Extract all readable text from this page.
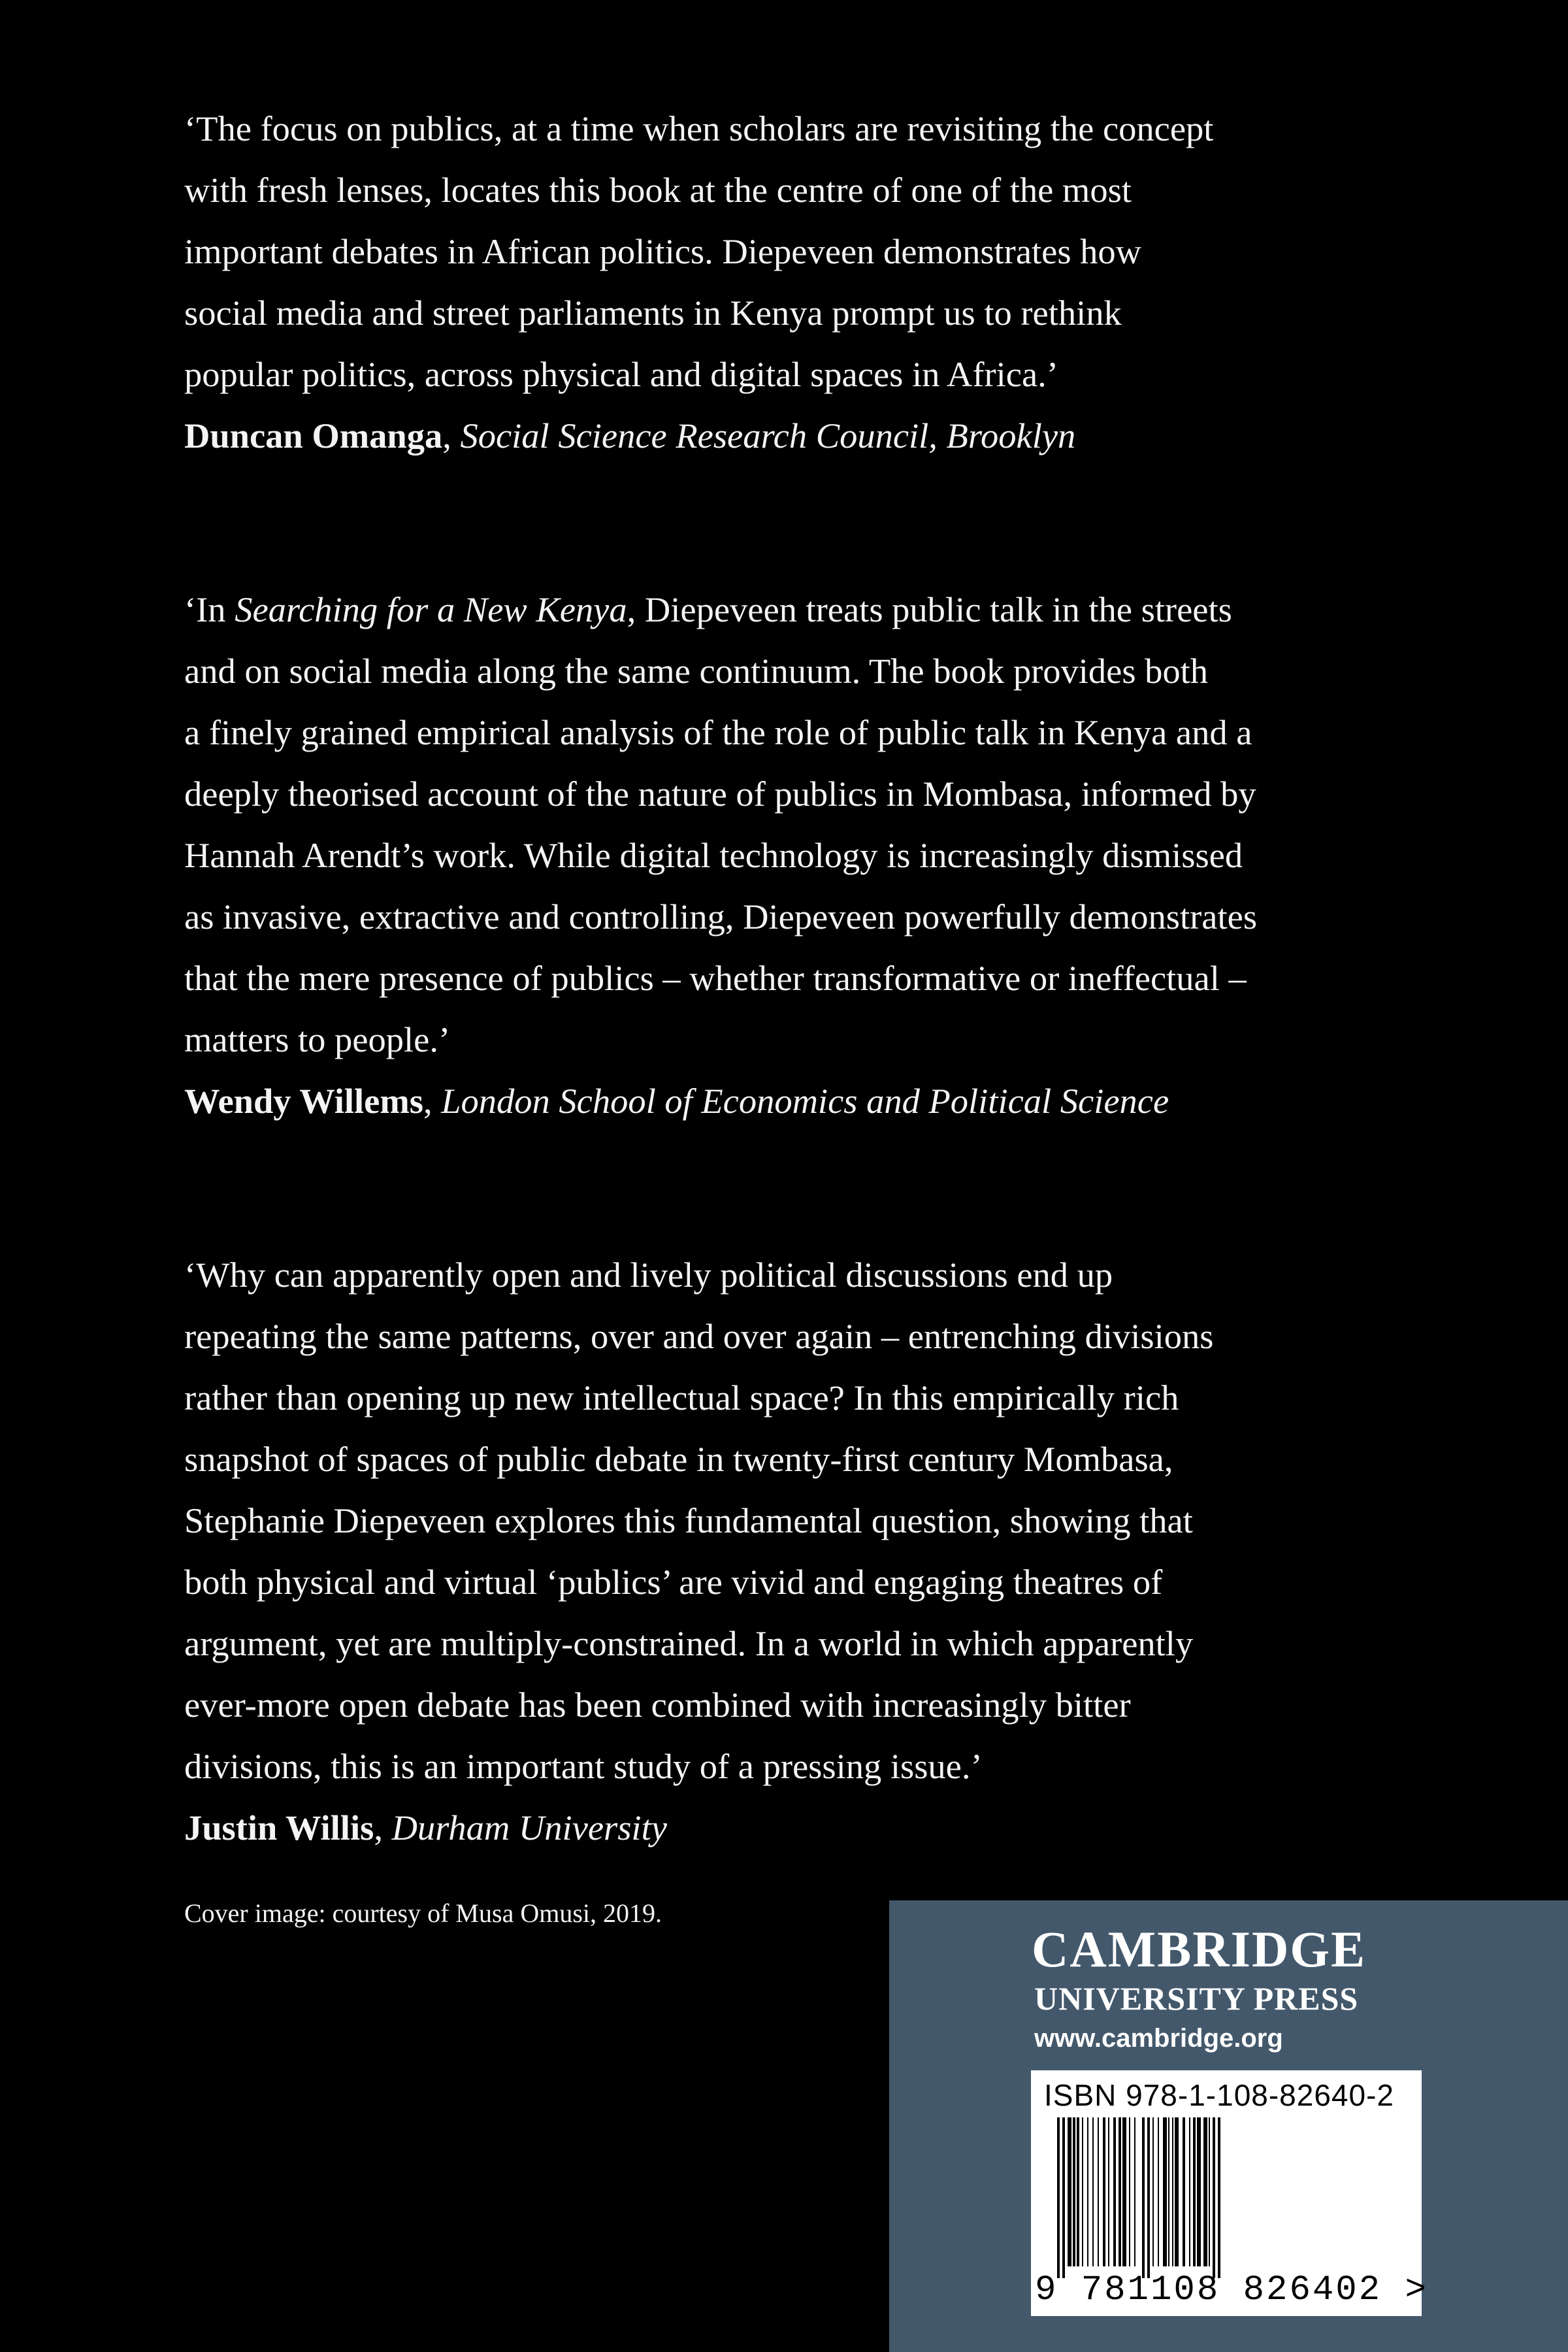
‘The focus on publics, at a time when scholars are revisiting the concept

with fresh lenses, locates this book at the centre of one of the most

important debates in African politics. Diepeveen demonstrates how

social media and street parliaments in Kenya prompt us to rethink

popular politics, across physical and digital spaces in Africa.’

Duncan Omanga, Social Science Research Council, Brooklyn

‘In Searching for a New Kenya, Diepeveen treats public talk in the streets

and on social media along the same continuum. The book provides both

a finely grained empirical analysis of the role of public talk in Kenya and a

deeply theorised account of the nature of publics in Mombasa, informed by

Hannah Arendt’s work. While digital technology is increasingly dismissed

as invasive, extractive and controlling, Diepeveen powerfully demonstrates

that the mere presence of publics – whether transformative or ineffectual –

matters to people.’

Wendy Willems, London School of Economics and Political Science

‘Why can apparently open and lively political discussions end up

repeating the same patterns, over and over again – entrenching divisions

rather than opening up new intellectual space? In this empirically rich

snapshot of spaces of public debate in twenty-first century Mombasa,

Stephanie Diepeveen explores this fundamental question, showing that

both physical and virtual ‘publics’ are vivid and engaging theatres of

argument, yet are multiply-constrained. In a world in which apparently

ever-more open debate has been combined with increasingly bitter

divisions, this is an important study of a pressing issue.’

Justin Willis, Durham University

Cover image: courtesy of Musa Omusi, 2019.
CAMBRIDGE
UNIVERSITY PRESS
www.cambridge.org
ISBN 978-1-108-82640-2
9 781108 826402 >
